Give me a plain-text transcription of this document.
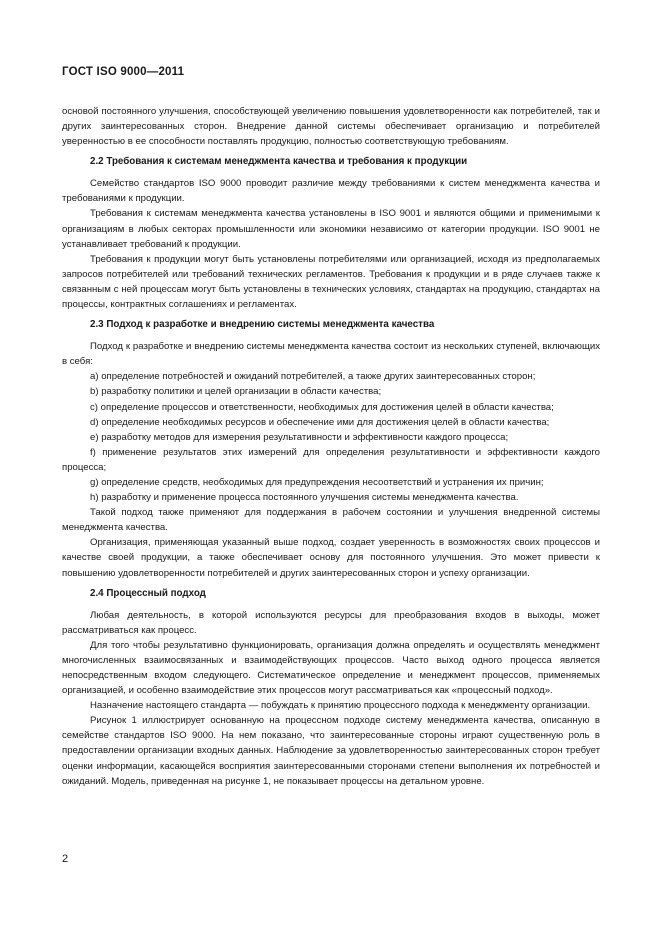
ГОСТ ISO 9000—2011

основой постоянного улучшения, способствующей увеличению повышения удовлетворенности как потребителей, так и других заинтересованных сторон. Внедрение данной системы обеспечивает организацию и потребителей уверенностью в ее способности поставлять продукцию, полностью соответствующую требованиям.

2.2 Требования к системам менеджмента качества и требования к продукции

Семейство стандартов ISO 9000 проводит различие между требованиями к систем менеджмента качества и требованиями к продукции.

Требования к системам менеджмента качества установлены в ISO 9001 и являются общими и применимыми к организациям в любых секторах промышленности или экономики независимо от категории продукции. ISO 9001 не устанавливает требований к продукции.

Требования к продукции могут быть установлены потребителями или организацией, исходя из предполагаемых запросов потребителей или требований технических регламентов. Требования к продукции и в ряде случаев также к связанным с ней процессам могут быть установлены в технических условиях, стандартах на продукцию, стандартах на процессы, контрактных соглашениях и регламентах.

2.3 Подход к разработке и внедрению системы менеджмента качества

Подход к разработке и внедрению системы менеджмента качества состоит из нескольких ступеней, включающих в себя:

а) определение потребностей и ожиданий потребителей, а также других заинтересованных сторон;

b) разработку политики и целей организации в области качества;

c) определение процессов и ответственности, необходимых для достижения целей в области качества;

d) определение необходимых ресурсов и обеспечение ими для достижения целей в области качества;

e) разработку методов для измерения результативности и эффективности каждого процесса;

f) применение результатов этих измерений для определения результативности и эффективности каждого процесса;

g) определение средств, необходимых для предупреждения несоответствий и устранения их причин;

h) разработку и применение процесса постоянного улучшения системы менеджмента качества.

Такой подход также применяют для поддержания в рабочем состоянии и улучшения внедренной системы менеджмента качества.

Организация, применяющая указанный выше подход, создает уверенность в возможностях своих процессов и качестве своей продукции, а также обеспечивает основу для постоянного улучшения. Это может привести к повышению удовлетворенности потребителей и других заинтересованных сторон и успеху организации.

2.4 Процессный подход

Любая деятельность, в которой используются ресурсы для преобразования входов в выходы, может рассматриваться как процесс.

Для того чтобы результативно функционировать, организация должна определять и осуществлять менеджмент многочисленных взаимосвязанных и взаимодействующих процессов. Часто выход одного процесса является непосредственным входом следующего. Систематическое определение и менеджмент процессов, применяемых организацией, и особенно взаимодействие этих процессов могут рассматриваться как «процессный подход».

Назначение настоящего стандарта — побуждать к принятию процессного подхода к менеджменту организации.

Рисунок 1 иллюстрирует основанную на процессном подходе систему менеджмента качества, описанную в семействе стандартов ISO 9000. На нем показано, что заинтересованные стороны играют существенную роль в предоставлении организации входных данных. Наблюдение за удовлетворенностью заинтересованных сторон требует оценки информации, касающейся восприятия заинтересованными сторонами степени выполнения их потребностей и ожиданий. Модель, приведенная на рисунке 1, не показывает процессы на детальном уровне.

2
